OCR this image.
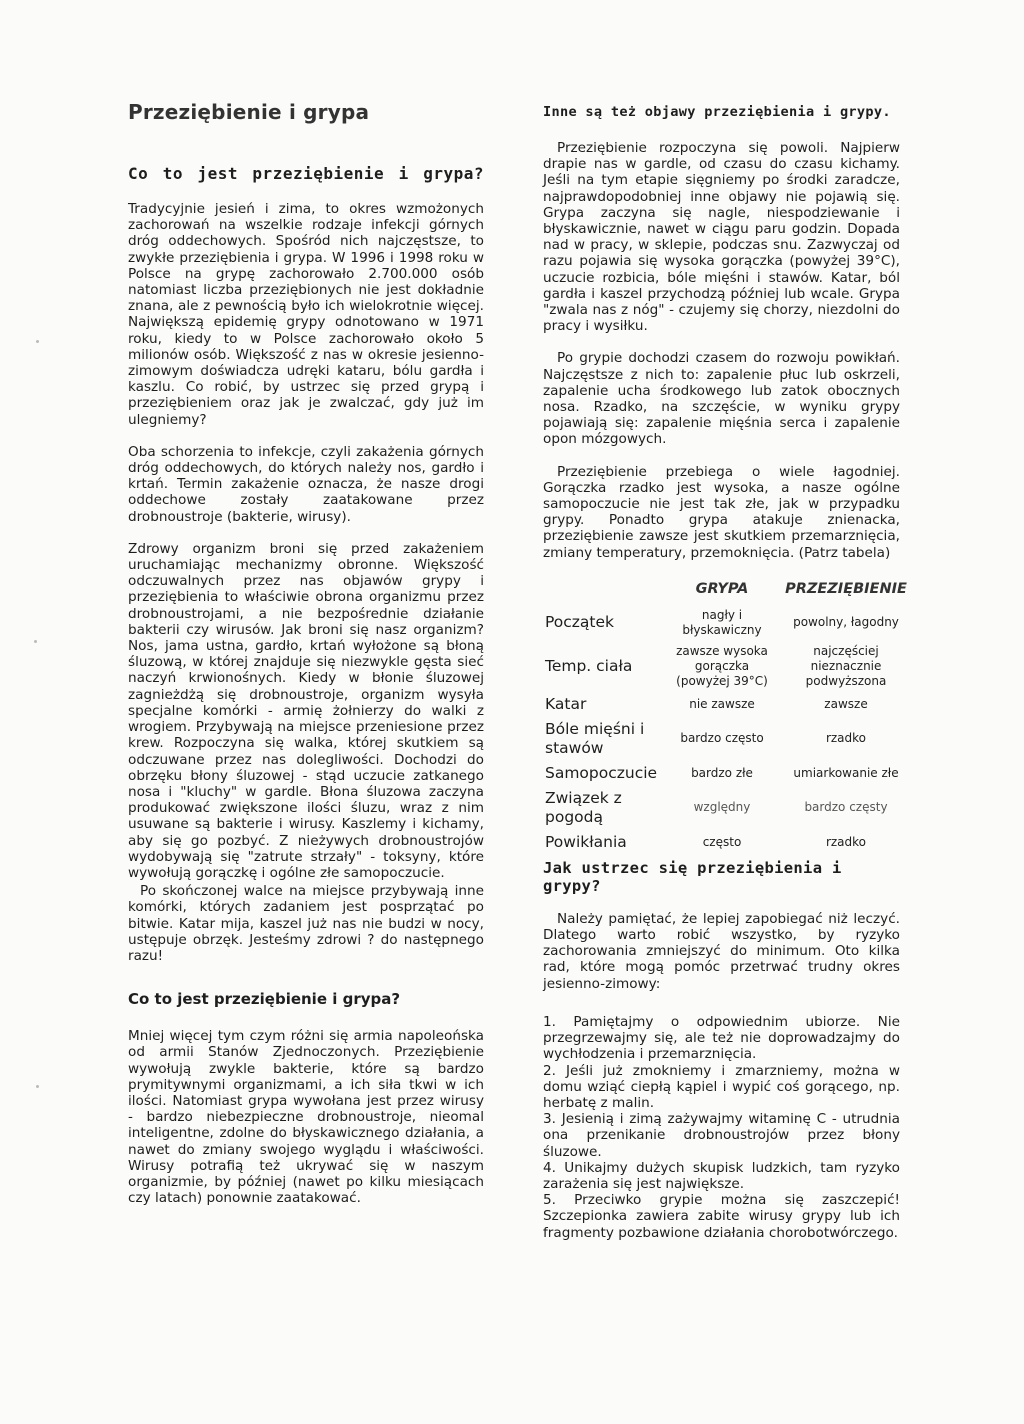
Przeziębienie i grypa
Co to jest przeziębienie i grypa?

Tradycyjnie jesień i zima, to okres wzmożonych zachorowań na wszelkie rodzaje infekcji górnych dróg oddechowych. Spośród nich najczęstsze, to zwykłe przeziębienia i grypa. W 1996 i 1998 roku w Polsce na grypę zachorowało 2.700.000 osób natomiast liczba przeziębionych nie jest dokładnie znana, ale z pewnością było ich wielokrotnie więcej. Największą epidemię grypy odnotowano w 1971 roku, kiedy to w Polsce zachorowało około 5 milionów osób. Większość z nas w okresie jesienno-zimowym doświadcza udręki kataru, bólu gardła i kaszlu. Co robić, by ustrzec się przed grypą i przeziębieniem oraz jak je zwalczać, gdy już im ulegniemy?

Oba schorzenia to infekcje, czyli zakażenia górnych dróg oddechowych, do których należy nos, gardło i krtań. Termin zakażenie oznacza, że nasze drogi oddechowe zostały zaatakowane przez drobnoustroje (bakterie, wirusy).

Zdrowy organizm broni się przed zakażeniem uruchamiając mechanizmy obronne. Większość odczuwalnych przez nas objawów grypy i przeziębienia to właściwie obrona organizmu przez drobnoustrojami, a nie bezpośrednie działanie bakterii czy wirusów. Jak broni się nasz organizm? Nos, jama ustna, gardło, krtań wyłożone są błoną śluzową, w której znajduje się niezwykle gęsta sieć naczyń krwionośnych. Kiedy w błonie śluzowej zagnieżdżą się drobnoustroje, organizm wysyła specjalne komórki - armię żołnierzy do walki z wrogiem. Przybywają na miejsce przeniesione przez krew. Rozpoczyna się walka, której skutkiem są odczuwane przez nas dolegliwości. Dochodzi do obrzęku błony śluzowej - stąd uczucie zatkanego nosa i "kluchy" w gardle. Błona śluzowa zaczyna produkować zwiększone ilości śluzu, wraz z nim usuwane są bakterie i wirusy. Kaszlemy i kichamy, aby się go pozbyć. Z nieżywych drobnoustrojów wydobywają się "zatrute strzały" - toksyny, które wywołują gorączkę i ogólne złe samopoczucie.

Po skończonej walce na miejsce przybywają inne komórki, których zadaniem jest posprzątać po bitwie. Katar mija, kaszel już nas nie budzi w nocy, ustępuje obrzęk. Jesteśmy zdrowi ? do następnego razu!

Co to jest przeziębienie i grypa?

Mniej więcej tym czym różni się armia napoleońska od armii Stanów Zjednoczonych. Przeziębienie wywołują zwykle bakterie, które są bardzo prymitywnymi organizmami, a ich siła tkwi w ich ilości. Natomiast grypa wywołana jest przez wirusy - bardzo niebezpieczne drobnoustroje, nieomal inteligentne, zdolne do błyskawicznego działania, a nawet do zmiany swojego wyglądu i właściwości. Wirusy potrafią też ukrywać się w naszym organizmie, by później (nawet po kilku miesiącach czy latach) ponownie zaatakować.

Inne są też objawy przeziębienia i grypy.

Przeziębienie rozpoczyna się powoli. Najpierw drapie nas w gardle, od czasu do czasu kichamy. Jeśli na tym etapie sięgniemy po środki zaradcze, najprawdopodobniej inne objawy nie pojawią się. Grypa zaczyna się nagle, niespodziewanie i błyskawicznie, nawet w ciągu paru godzin. Dopada nad w pracy, w sklepie, podczas snu. Zazwyczaj od razu pojawia się wysoka gorączka (powyżej 39°C), uczucie rozbicia, bóle mięśni i stawów. Katar, ból gardła i kaszel przychodzą później lub wcale. Grypa "zwala nas z nóg" - czujemy się chorzy, niezdolni do pracy i wysiłku.

Po grypie dochodzi czasem do rozwoju powikłań. Najczęstsze z nich to: zapalenie płuc lub oskrzeli, zapalenie ucha środkowego lub zatok obocznych nosa. Rzadko, na szczęście, w wyniku grypy pojawiają się: zapalenie mięśnia serca i zapalenie opon mózgowych.

Przeziębienie przebiega o wiele łagodniej. Gorączka rzadko jest wysoka, a nasze ogólne samopoczucie nie jest tak złe, jak w przypadku grypy. Ponadto grypa atakuje znienacka, przeziębienie zawsze jest skutkiem przemarznięcia, zmiany temperatury, przemoknięcia. (Patrz tabela)

	GRYPA	PRZEZIĘBIENIE
Początek	nagły i błyskawiczny	powolny, łagodny
Temp. ciała	zawsze wysoka gorączka (powyżej 39°C)	najczęściej nieznacznie podwyższona
Katar	nie zawsze	zawsze
Bóle mięśni i stawów	bardzo często	rzadko
Samopoczucie	bardzo złe	umiarkowanie złe
Związek z pogodą	względny	bardzo częsty
Powikłania	często	rzadko
Jak ustrzec się przeziębienia i grypy?

Należy pamiętać, że lepiej zapobiegać niż leczyć. Dlatego warto robić wszystko, by ryzyko zachorowania zmniejszyć do minimum. Oto kilka rad, które mogą pomóc przetrwać trudny okres jesienno-zimowy:

1. Pamiętajmy o odpowiednim ubiorze. Nie przegrzewajmy się, ale też nie doprowadzajmy do wychłodzenia i przemarznięcia.

2. Jeśli już zmokniemy i zmarzniemy, można w domu wziąć ciepłą kąpiel i wypić coś gorącego, np. herbatę z malin.

3. Jesienią i zimą zażywajmy witaminę C - utrudnia ona przenikanie drobnoustrojów przez błony śluzowe.

4. Unikajmy dużych skupisk ludzkich, tam ryzyko zarażenia się jest największe.

5. Przeciwko grypie można się zaszczepić! Szczepionka zawiera zabite wirusy grypy lub ich fragmenty pozbawione działania chorobotwórczego.
